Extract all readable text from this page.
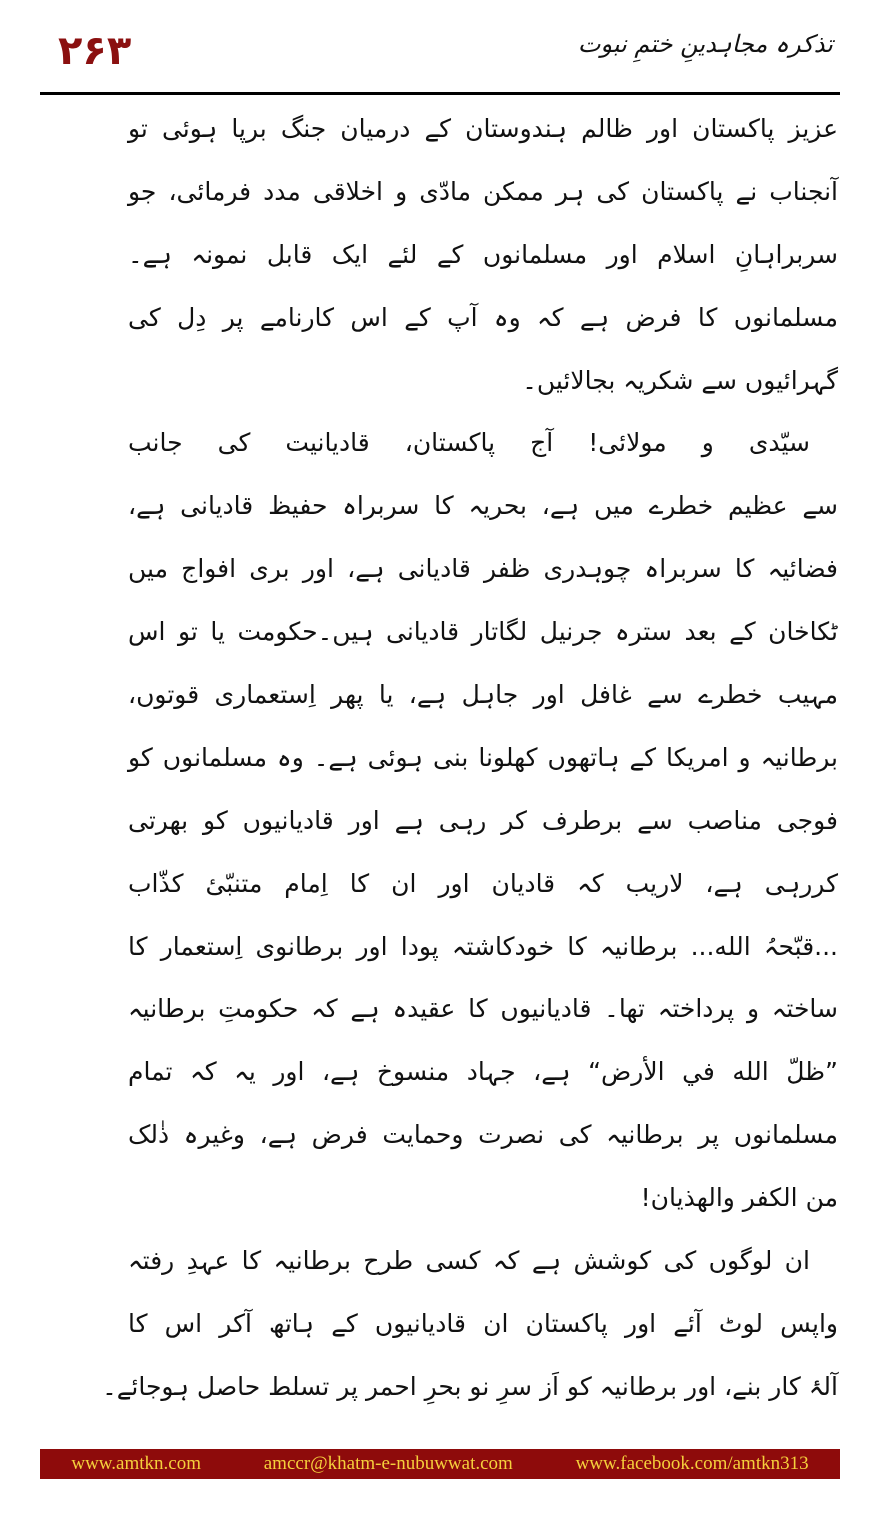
۲۶۳	تذکرہ مجاہدینِ ختمِ نبوت
عزیز پاکستان اور ظالم ہندوستان کے درمیان جنگ برپا ہوئی تو
آنجناب نے پاکستان کی ہر ممکن مادّی و اخلاقی مدد فرمائی، جو
سربراہانِ اسلام اور مسلمانوں کے لئے ایک قابل نمونہ ہے۔
مسلمانوں کا فرض ہے کہ وہ آپ کے اس کارنامے پر دِل کی
گہرائیوں سے شکریہ بجالائیں۔
سیّدی و مولائی! آج پاکستان، قادیانیت کی جانب
سے عظیم خطرے میں ہے، بحریہ کا سربراہ حفیظ قادیانی ہے،
فضائیہ کا سربراہ چوہدری ظفر قادیانی ہے، اور بری افواج میں
ٹکاخان کے بعد سترہ جرنیل لگاتار قادیانی ہیں۔حکومت یا تو اس
مہیب خطرے سے غافل اور جاہل ہے، یا پھر اِستعماری قوتوں،
برطانیہ و امریکا کے ہاتھوں کھلونا بنی ہوئی ہے۔ وہ مسلمانوں کو
فوجی مناصب سے برطرف کر رہی ہے اور قادیانیوں کو بھرتی
کررہی ہے، لاریب کہ قادیان اور ان کا اِمام متنبّیٔ کذّاب
...قبّحہُ الله... برطانیہ کا خودکاشتہ پودا اور برطانوی اِستعمار کا
ساختہ و پرداختہ تھا۔ قادیانیوں کا عقیدہ ہے کہ حکومتِ برطانیہ
”ظلّ الله في الأرض“ ہے، جہاد منسوخ ہے، اور یہ کہ تمام
مسلمانوں پر برطانیہ کی نصرت وحمایت فرض ہے، وغیرہ ذٰلک
من الکفر والھذیان!
ان لوگوں کی کوشش ہے کہ کسی طرح برطانیہ کا عہدِ رفتہ
واپس لوٹ آئے اور پاکستان ان قادیانیوں کے ہاتھ آکر اس کا
آلۂ کار بنے، اور برطانیہ کو اَز سرِ نو بحرِ احمر پر تسلط حاصل ہوجائے۔
www.amtkn.com	amccr@khatm-e-nubuwwat.com	www.facebook.com/amtkn313
